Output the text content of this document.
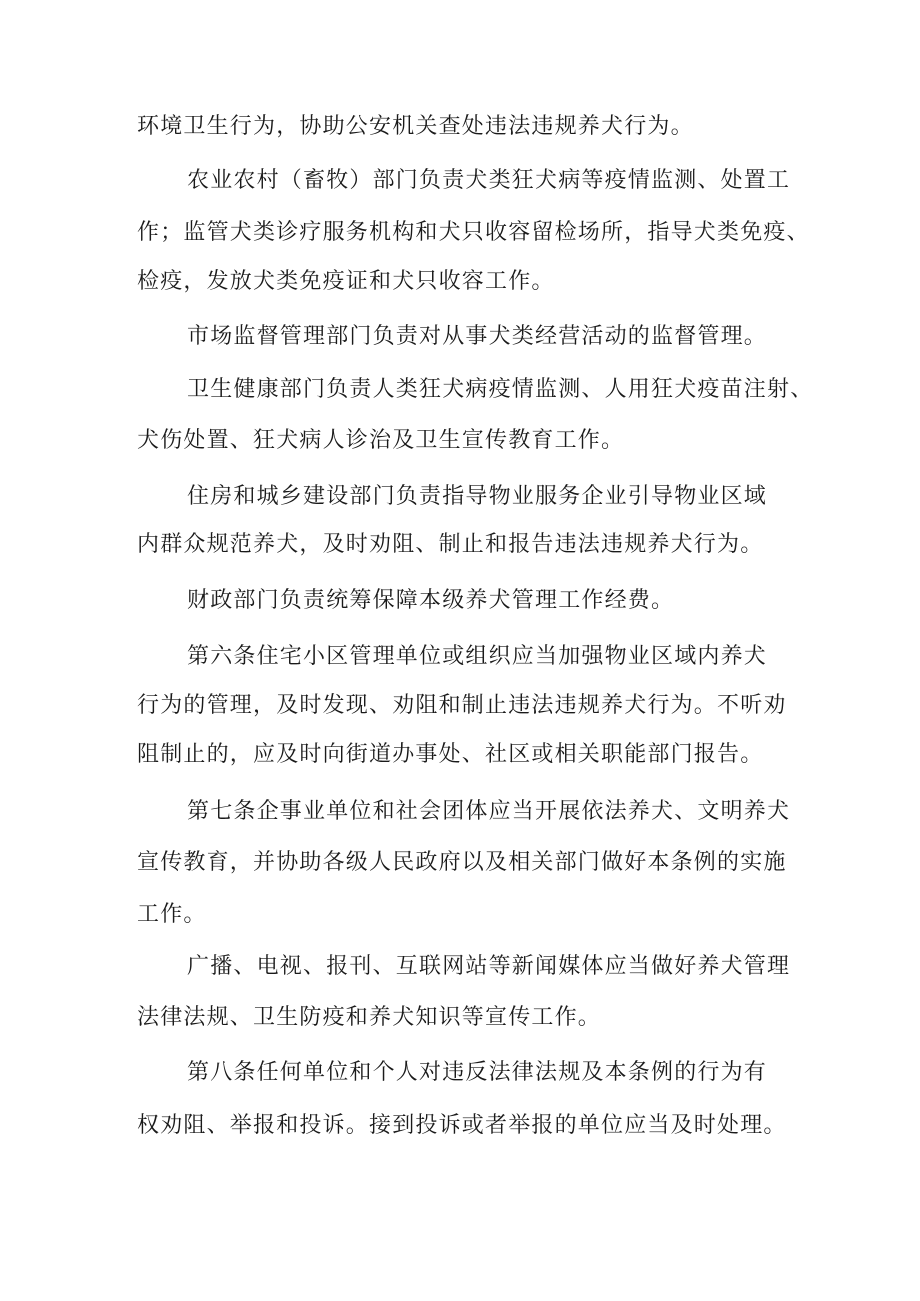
环境卫生行为，协助公安机关查处违法违规养犬行为。
农业农村（畜牧）部门负责犬类狂犬病等疫情监测、处置工
作；监管犬类诊疗服务机构和犬只收容留检场所，指导犬类免疫、
检疫，发放犬类免疫证和犬只收容工作。
市场监督管理部门负责对从事犬类经营活动的监督管理。
卫生健康部门负责人类狂犬病疫情监测、人用狂犬疫苗注射、
犬伤处置、狂犬病人诊治及卫生宣传教育工作。
住房和城乡建设部门负责指导物业服务企业引导物业区域
内群众规范养犬，及时劝阻、制止和报告违法违规养犬行为。
财政部门负责统筹保障本级养犬管理工作经费。
第六条住宅小区管理单位或组织应当加强物业区域内养犬
行为的管理，及时发现、劝阻和制止违法违规养犬行为。不听劝
阻制止的，应及时向街道办事处、社区或相关职能部门报告。
第七条企事业单位和社会团体应当开展依法养犬、文明养犬
宣传教育，并协助各级人民政府以及相关部门做好本条例的实施
工作。
广播、电视、报刊、互联网站等新闻媒体应当做好养犬管理
法律法规、卫生防疫和养犬知识等宣传工作。
第八条任何单位和个人对违反法律法规及本条例的行为有
权劝阻、举报和投诉。接到投诉或者举报的单位应当及时处理。
